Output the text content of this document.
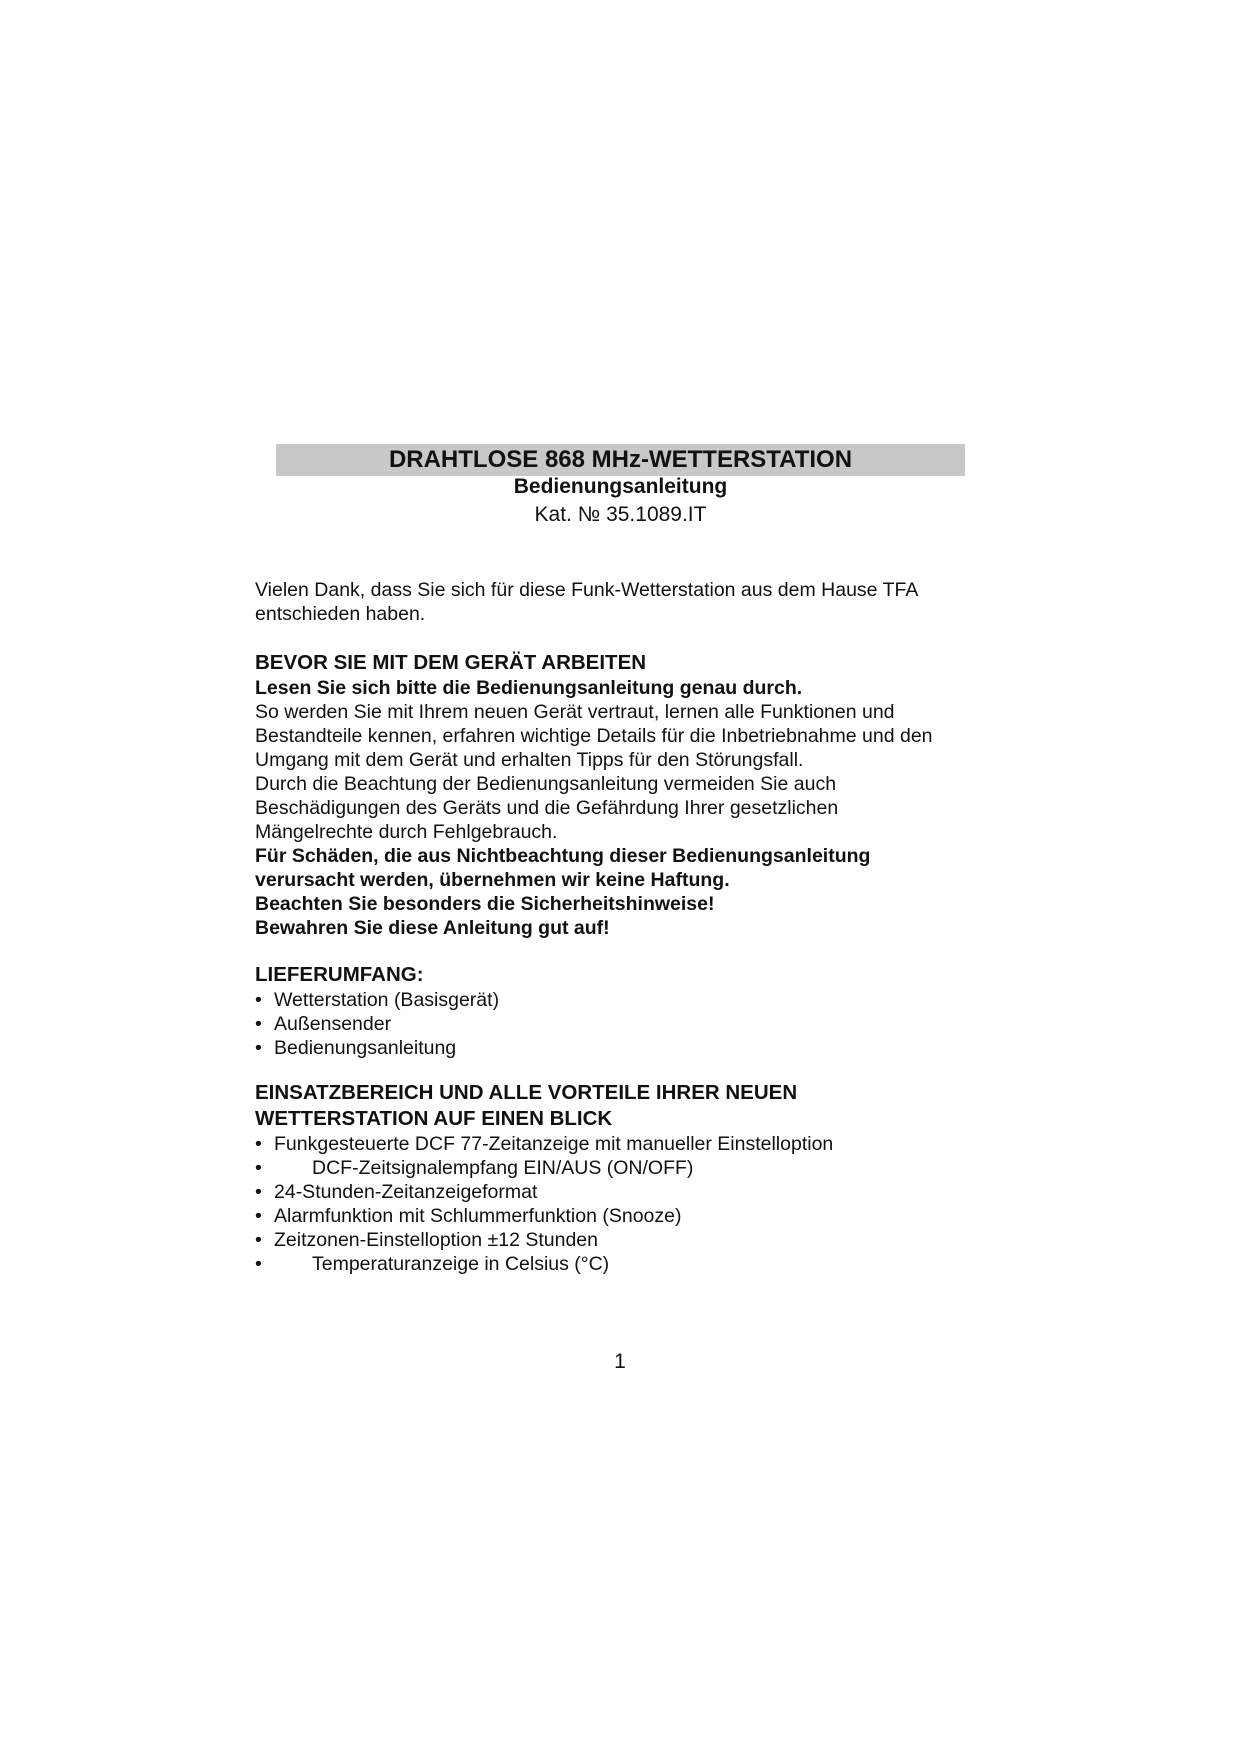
DRAHTLOSE 868 MHz-WETTERSTATION
Bedienungsanleitung
Kat. № 35.1089.IT

Vielen Dank, dass Sie sich für diese Funk-Wetterstation aus dem Hause TFA

entschieden haben.

BEVOR SIE MIT DEM GERÄT ARBEITEN

Lesen Sie sich bitte die Bedienungsanleitung genau durch.

So werden Sie mit Ihrem neuen Gerät vertraut, lernen alle Funktionen und

Bestandteile kennen, erfahren wichtige Details für die Inbetriebnahme und den

Umgang mit dem Gerät und erhalten Tipps für den Störungsfall.

Durch die Beachtung der Bedienungsanleitung vermeiden Sie auch

Beschädigungen des Geräts und die Gefährdung Ihrer gesetzlichen

Mängelrechte durch Fehlgebrauch.

Für Schäden, die aus Nichtbeachtung dieser Bedienungsanleitung

verursacht werden, übernehmen wir keine Haftung.

Beachten Sie besonders die Sicherheitshinweise!

Bewahren Sie diese Anleitung gut auf!

LIEFERUMFANG:

• Wetterstation (Basisgerät)
• Außensender
• Bedienungsanleitung

EINSATZBEREICH UND ALLE VORTEILE IHRER NEUEN

WETTERSTATION AUF EINEN BLICK

• Funkgesteuerte DCF 77-Zeitanzeige mit manueller Einstelloption
• DCF-Zeitsignalempfang EIN/AUS (ON/OFF)
• 24-Stunden-Zeitanzeigeformat
• Alarmfunktion mit Schlummerfunktion (Snooze)
• Zeitzonen-Einstelloption ±12 Stunden
• Temperaturanzeige in Celsius (°C)
1
